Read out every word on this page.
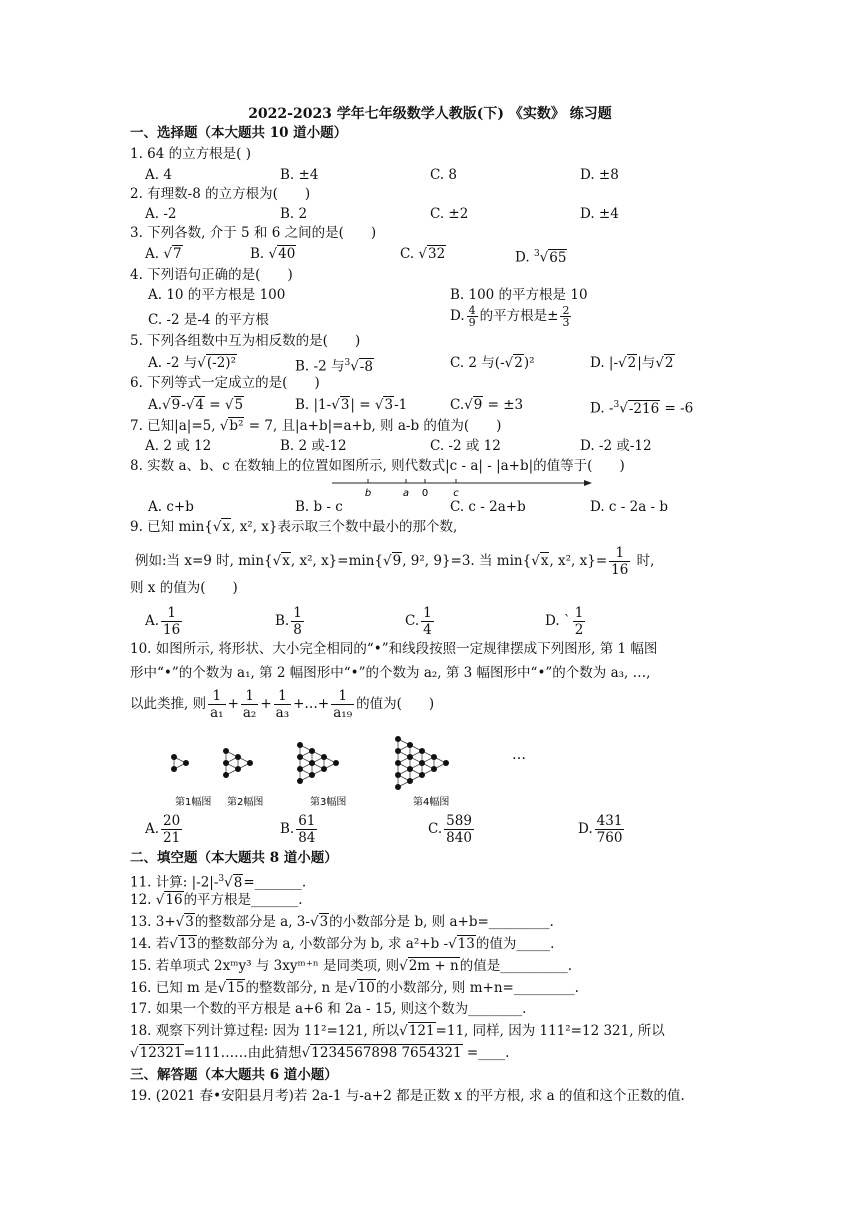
2022-2023 学年七年级数学人教版(下) 《实数》 练习题
一、选择题（本大题共 10 道小题）
1. 64 的立方根是( )
A. 4	B. ±4	C. 8	D. ±8
2. 有理数-8 的立方根为(　　)
A. -2	B. 2	C. ±2	D. ±4
3. 下列各数, 介于 5 和 6 之间的是(　　)
A. √7	B. √40	C. √32	D. $^3$√65
4. 下列语句正确的是(　　)
A. 10 的平方根是 100	B. 100 的平方根是 10
C. -2 是-4 的平方根	D. $\frac{4}{9}$ 的平方根是± $\frac{2}{3}$
5. 下列各组数中互为相反数的是(　　)
A. -2 与√(-2)²	B. -2 与$^3$√-8	C. 2 与(-√2)²	D. |-√2|与√2
6. 下列等式一定成立的是(　　)
A.√9-√4 = √5	B. |1-√3| = √3-1	C.√9 = ±3	D. -$^3$√-216 = -6
7. 已知|a|=5, √b² = 7, 且|a+b|=a+b, 则 a-b 的值为(　　)
A. 2 或 12	B. 2 或-12	C. -2 或 12	D. -2 或-12
8. 实数 a、b、c 在数轴上的位置如图所示, 则代数式|c - a| - |a+b|的值等于(　　)
b	a 0	c
A. c+b	B. b - c	C. c - 2a+b	D. c - 2a - b
9. 已知 min{√x, x², x}表示取三个数中最小的那个数,
例如:当 x=9 时, min{√x, x², x}=min{√9, 9², 9}=3. 当 min{√x, x², $x\}= \frac{1}{16}$ 时,
则 x 的值为(　　)
A. $\frac{1}{16}$	B. $\frac{1}{8}$	C. $\frac{1}{4}$	D. ` $\frac{1}{2}$
10. 如图所示, 将形状、大小完全相同的“•”和线段按照一定规律摆成下列图形, 第 1 幅图
形中“•”的个数为 a₁, 第 2 幅图形中“•”的个数为 a₂, 第 3 幅图形中“•”的个数为 a₃, …,
以此类推, 则 $\frac{1}{\text{a₁}} + \frac{1}{\text{a₂}} + \frac{1}{\text{a₃}}$ +…+ $\frac{1}{\text{a₁₉}}$ 的值为(　　)
第1幅图 第2幅图	第3幅图	第4幅图
…
A. $\frac{20}{21}$	B. $\frac{61}{84}$	C. $\frac{589}{840}$	D. $\frac{431}{760}$
二、填空题（本大题共 8 道小题）
11. 计算: |-2|-$^3$√8=_______.
12. √16的平方根是_______.
13. 3+√3的整数部分是 a, 3-√3的小数部分是 b, 则 a+b=_________.
14. 若√13的整数部分为 a, 小数部分为 b, 求 a²+b -√13的值为_____.
15. 若单项式 2xᵐy³ 与 3xyᵐ⁺ⁿ 是同类项, 则√2m + n的值是__________.
16. 已知 m 是√15的整数部分, n 是√10的小数部分, 则 m+n=_________.
17. 如果一个数的平方根是 a+6 和 2a - 15, 则这个数为________.
18. 观察下列计算过程: 因为 11²=121, 所以√121=11, 同样, 因为 111²=12 321, 所以
√12321=111……由此猜想√1234567898 7654321 =____.
三、解答题（本大题共 6 道小题）
19. (2021 春•安阳县月考)若 2a-1 与-a+2 都是正数 x 的平方根, 求 a 的值和这个正数的值.
